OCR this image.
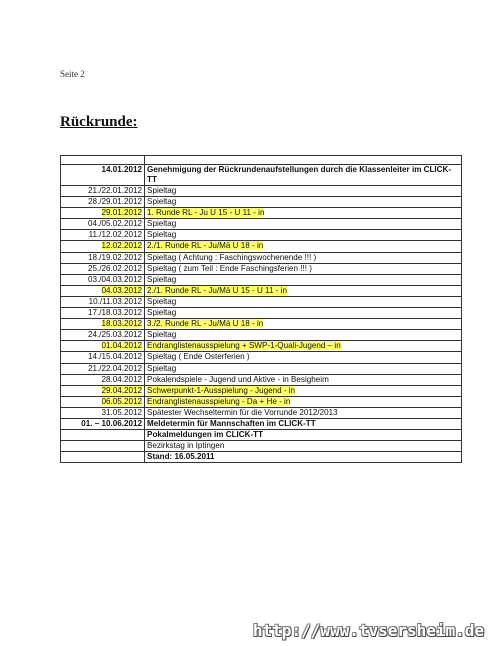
Seite 2
Rückrunde:

14.01.2012	Genehmigung der Rückrundenaufstellungen durch die Klassenleiter im CLICK-TT
21./22.01.2012	Spieltag
28./29.01.2012	Spieltag
29.01.2012	1. Runde RL - Ju U 15 - U 11 - in
04./05.02.2012	Spieltag
11./12.02.2012	Spieltag
12.02.2012	2./1. Runde RL - Ju/Mä U 18 - in
18./19.02.2012	Spieltag ( Achtung : Faschingswochenende !!! )
25./26.02.2012	Spieltag ( zum Teil : Ende Faschingsferien !!! )
03./04.03.2012	Spieltag
04.03.2012	2./1. Runde RL - Ju/Mä U 15 - U 11 - in
10./11.03.2012	Spieltag
17./18.03.2012	Spieltag
18.03.2012	3./2. Runde RL - Ju/Mä U 18 - in
24./25.03.2012	Spieltag
01.04.2012	Endranglistenausspielung + SWP-1-Quali-Jugend – in
14./15.04.2012	Spieltag ( Ende Osterferien )
21./22.04.2012	Spieltag
28.04.2012	Pokalendspiele - Jugend und Aktive - in Besigheim
29.04.2012	Schwerpunkt-1-Ausspielung - Jugend - in
06.05.2012	Endranglistenausspielung - Da + He - in
31.05.2012	Spätester Wechseltermin für die Vorrunde 2012/2013
01. – 10.06.2012	Meldetermin für Mannschaften im CLICK-TT
	Pokalmeldungen im CLICK-TT
	Bezirkstag in Iptingen
	Stand: 16.05.2011
http://www.tvsersheim.de
